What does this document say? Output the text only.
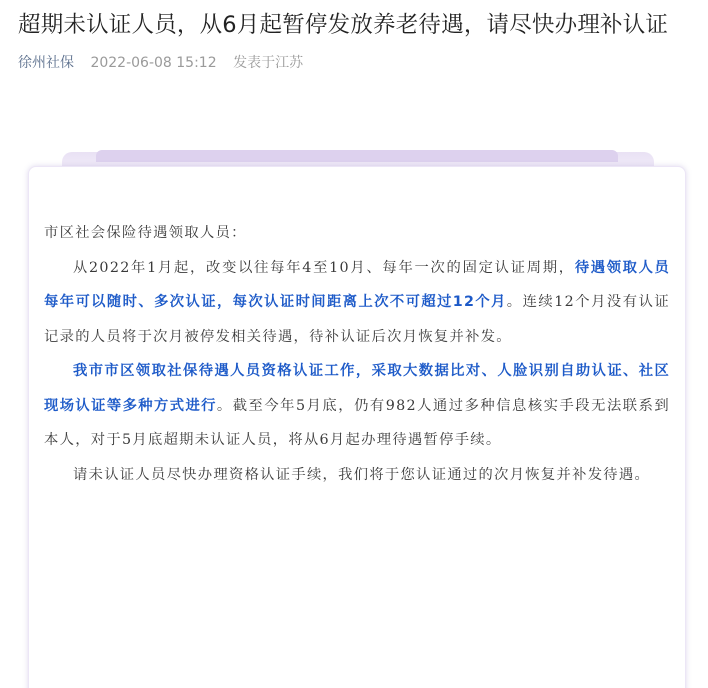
超期未认证人员，从6月起暂停发放养老待遇，请尽快办理补认证
徐州社保 2022-06-08 15:12 发表于江苏

市区社会保险待遇领取人员：

从2022年1月起，改变以往每年4至10月、每年一次的固定认证周期，待遇领取人员每年可以随时、多次认证，每次认证时间距离上次不可超过12个月。连续12个月没有认证记录的人员将于次月被停发相关待遇，待补认证后次月恢复并补发。

我市市区领取社保待遇人员资格认证工作，采取大数据比对、人脸识别自助认证、社区现场认证等多种方式进行。截至今年5月底，仍有982人通过多种信息核实手段无法联系到本人，对于5月底超期未认证人员，将从6月起办理待遇暂停手续。

请未认证人员尽快办理资格认证手续，我们将于您认证通过的次月恢复并补发待遇。
